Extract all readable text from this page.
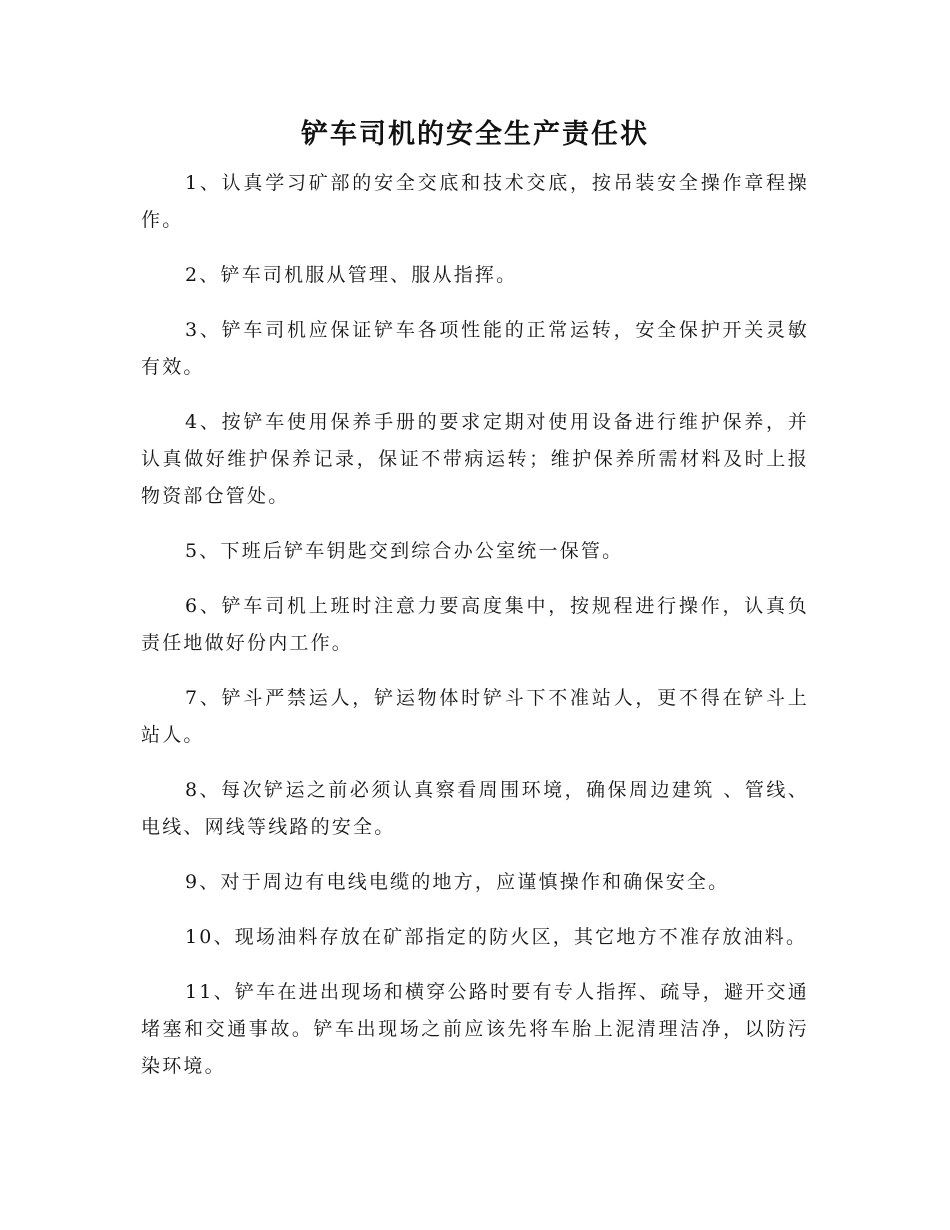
铲车司机的安全生产责任状

1、认真学习矿部的安全交底和技术交底，按吊装安全操作章程操作。

2、铲车司机服从管理、服从指挥。

3、铲车司机应保证铲车各项性能的正常运转，安全保护开关灵敏有效。

4、按铲车使用保养手册的要求定期对使用设备进行维护保养，并认真做好维护保养记录，保证不带病运转；维护保养所需材料及时上报物资部仓管处。

5、下班后铲车钥匙交到综合办公室统一保管。

6、铲车司机上班时注意力要高度集中，按规程进行操作，认真负责任地做好份内工作。

7、铲斗严禁运人，铲运物体时铲斗下不准站人，更不得在铲斗上站人。

8、每次铲运之前必须认真察看周围环境，确保周边建筑 、管线、电线、网线等线路的安全。

9、对于周边有电线电缆的地方，应谨慎操作和确保安全。

10、现场油料存放在矿部指定的防火区，其它地方不准存放油料。

11、铲车在进出现场和横穿公路时要有专人指挥、疏导，避开交通堵塞和交通事故。铲车出现场之前应该先将车胎上泥清理洁净，以防污染环境。
